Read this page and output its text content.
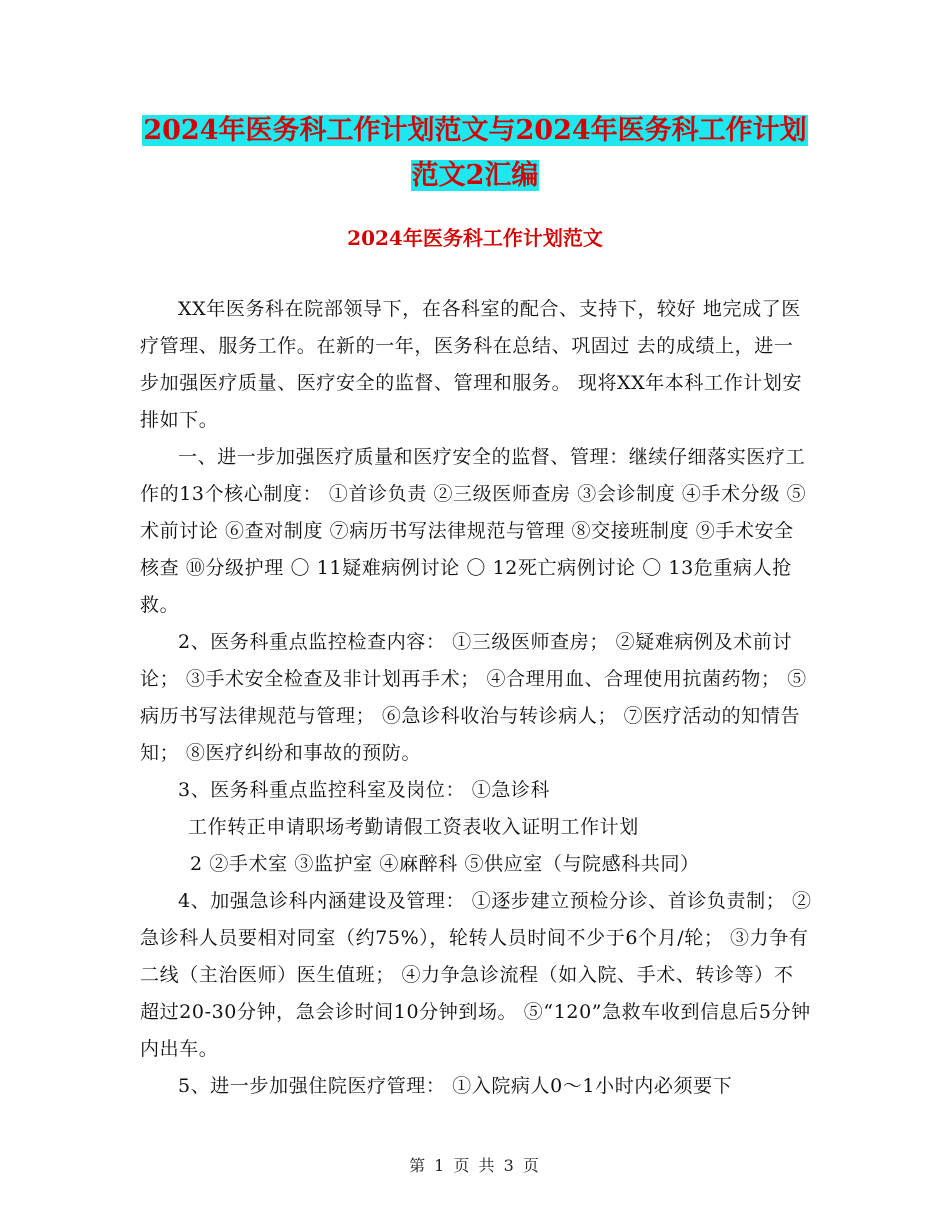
2024年医务科工作计划范文与2024年医务科工作计划
范文2汇编
2024年医务科工作计划范文

XX年医务科在院部领导下，在各科室的配合、支持下，较好 地完成了医疗管理、服务工作。在新的一年，医务科在总结、巩固过 去的成绩上，进一步加强医疗质量、医疗安全的监督、管理和服务。 现将XX年本科工作计划安排如下。

一、进一步加强医疗质量和医疗安全的监督、管理：继续仔细落实医疗工作的13个核心制度： ①首诊负责 ②三级医师查房 ③会诊制度 ④手术分级 ⑤术前讨论 ⑥查对制度 ⑦病历书写法律规范与管理 ⑧交接班制度 ⑨手术安全核查 ⑩分级护理 〇 11疑难病例讨论 〇 12死亡病例讨论 〇 13危重病人抢救。

2、医务科重点监控检查内容： ①三级医师查房； ②疑难病例及术前讨论； ③手术安全检查及非计划再手术； ④合理用血、合理使用抗菌药物； ⑤病历书写法律规范与管理； ⑥急诊科收治与转诊病人； ⑦医疗活动的知情告知； ⑧医疗纠纷和事故的预防。

3、医务科重点监控科室及岗位： ①急诊科

工作转正申请职场考勤请假工资表收入证明工作计划

2 ②手术室 ③监护室 ④麻醉科 ⑤供应室（与院感科共同）

4、加强急诊科内涵建设及管理： ①逐步建立预检分诊、首诊负责制； ②急诊科人员要相对同室（约75%），轮转人员时间不少于6个月/轮； ③力争有二线（主治医师）医生值班； ④力争急诊流程（如入院、手术、转诊等）不超过20-30分钟，急会诊时间10分钟到场。 ⑤“120”急救车收到信息后5分钟内出车。

5、进一步加强住院医疗管理： ①入院病人0～1小时内必须要下

第 1 页 共 3 页
